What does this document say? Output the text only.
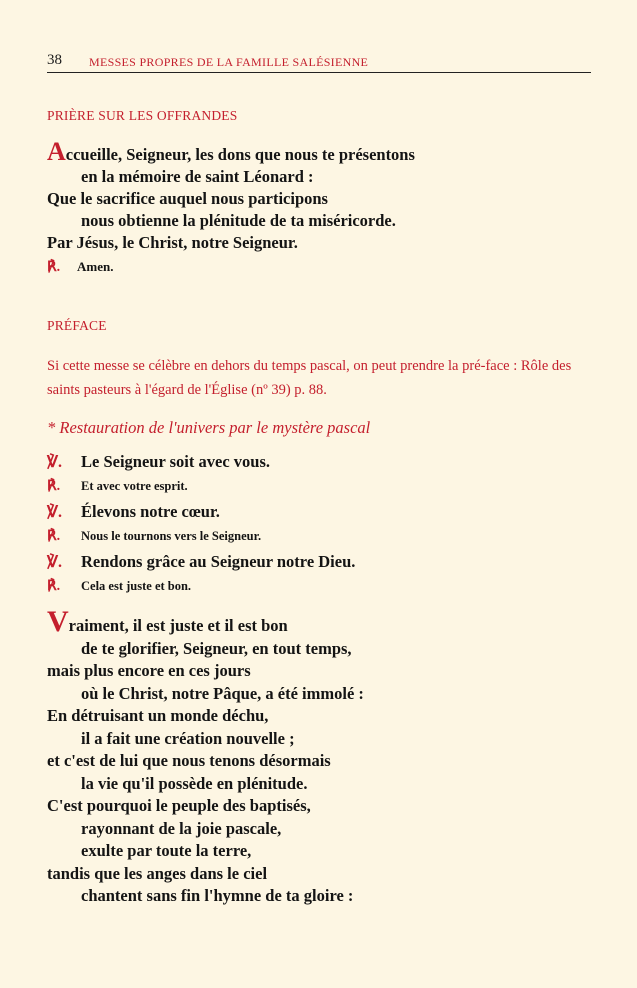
38 MESSES PROPRES DE LA FAMILLE SALÉSIENNE
PRIÈRE SUR LES OFFRANDES
Accueille, Seigneur, les dons que nous te présentons
en la mémoire de saint Léonard :
Que le sacrifice auquel nous participons
nous obtienne la plénitude de ta miséricorde.
Par Jésus, le Christ, notre Seigneur.
℟. Amen.
PRÉFACE
Si cette messe se célèbre en dehors du temps pascal, on peut prendre la pré-face : Rôle des saints pasteurs à l'égard de l'Église (nº 39) p. 88.
* Restauration de l'univers par le mystère pascal
℣. Le Seigneur soit avec vous.
℟. Et avec votre esprit.
℣. Élevons notre cœur.
℟. Nous le tournons vers le Seigneur.
℣. Rendons grâce au Seigneur notre Dieu.
℟. Cela est juste et bon.
Vraiment, il est juste et il est bon
de te glorifier, Seigneur, en tout temps,
mais plus encore en ces jours
où le Christ, notre Pâque, a été immolé :
En détruisant un monde déchu,
il a fait une création nouvelle ;
et c'est de lui que nous tenons désormais
la vie qu'il possède en plénitude.
C'est pourquoi le peuple des baptisés,
rayonnant de la joie pascale,
exulte par toute la terre,
tandis que les anges dans le ciel
chantent sans fin l'hymne de ta gloire :
